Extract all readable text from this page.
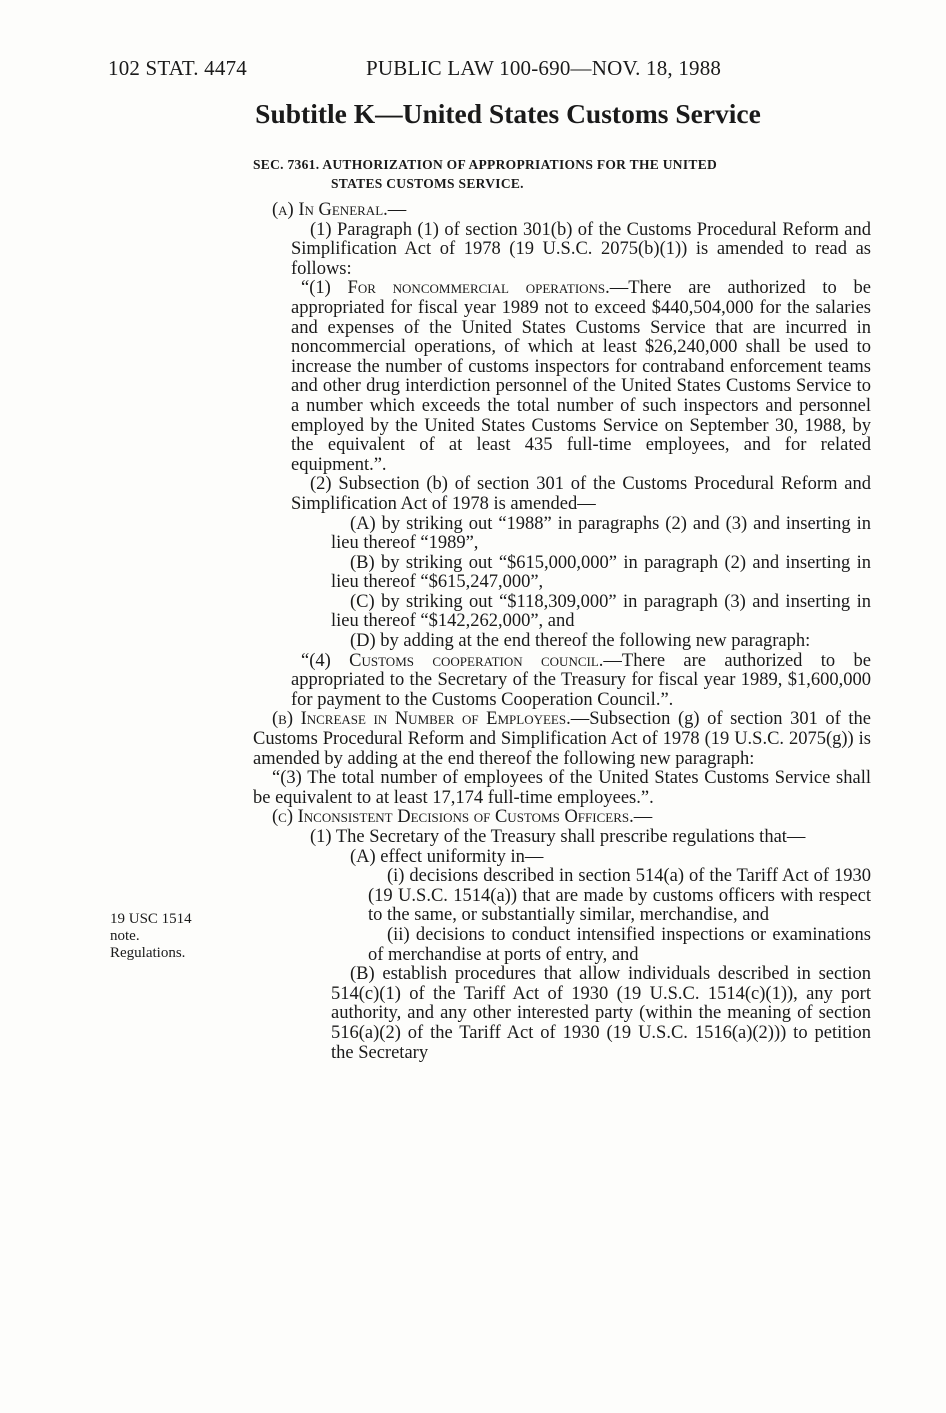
102 STAT. 4474	PUBLIC LAW 100-690—NOV. 18, 1988
Subtitle K—United States Customs Service
SEC. 7361. AUTHORIZATION OF APPROPRIATIONS FOR THE UNITED
STATES CUSTOMS SERVICE.

(a) In General.—

(1) Paragraph (1) of section 301(b) of the Customs Procedural Reform and Simplification Act of 1978 (19 U.S.C. 2075(b)(1)) is amended to read as follows:

“(1) For noncommercial operations.—There are authorized to be appropriated for fiscal year 1989 not to exceed $440,504,000 for the salaries and expenses of the United States Customs Service that are incurred in noncommercial operations, of which at least $26,240,000 shall be used to increase the number of customs inspectors for contraband enforcement teams and other drug interdiction personnel of the United States Customs Service to a number which exceeds the total number of such inspectors and personnel employed by the United States Customs Service on September 30, 1988, by the equivalent of at least 435 full-time employees, and for related equipment.”.

(2) Subsection (b) of section 301 of the Customs Procedural Reform and Simplification Act of 1978 is amended—

(A) by striking out “1988” in paragraphs (2) and (3) and inserting in lieu thereof “1989”,

(B) by striking out “$615,000,000” in paragraph (2) and inserting in lieu thereof “$615,247,000”,

(C) by striking out “$118,309,000” in paragraph (3) and inserting in lieu thereof “$142,262,000”, and

(D) by adding at the end thereof the following new paragraph:

“(4) Customs cooperation council.—There are authorized to be appropriated to the Secretary of the Treasury for fiscal year 1989, $1,600,000 for payment to the Customs Cooperation Council.”.

(b) Increase in Number of Employees.—Subsection (g) of section 301 of the Customs Procedural Reform and Simplification Act of 1978 (19 U.S.C. 2075(g)) is amended by adding at the end thereof the following new paragraph:

“(3) The total number of employees of the United States Customs Service shall be equivalent to at least 17,174 full-time employees.”.

(c) Inconsistent Decisions of Customs Officers.—

(1) The Secretary of the Treasury shall prescribe regulations that—

(A) effect uniformity in—

(i) decisions described in section 514(a) of the Tariff Act of 1930 (19 U.S.C. 1514(a)) that are made by customs officers with respect to the same, or substantially similar, merchandise, and

(ii) decisions to conduct intensified inspections or examinations of merchandise at ports of entry, and

(B) establish procedures that allow individuals described in section 514(c)(1) of the Tariff Act of 1930 (19 U.S.C. 1514(c)(1)), any port authority, and any other interested party (within the meaning of section 516(a)(2) of the Tariff Act of 1930 (19 U.S.C. 1516(a)(2))) to petition the Secretary

19 USC 1514
note.
Regulations.
